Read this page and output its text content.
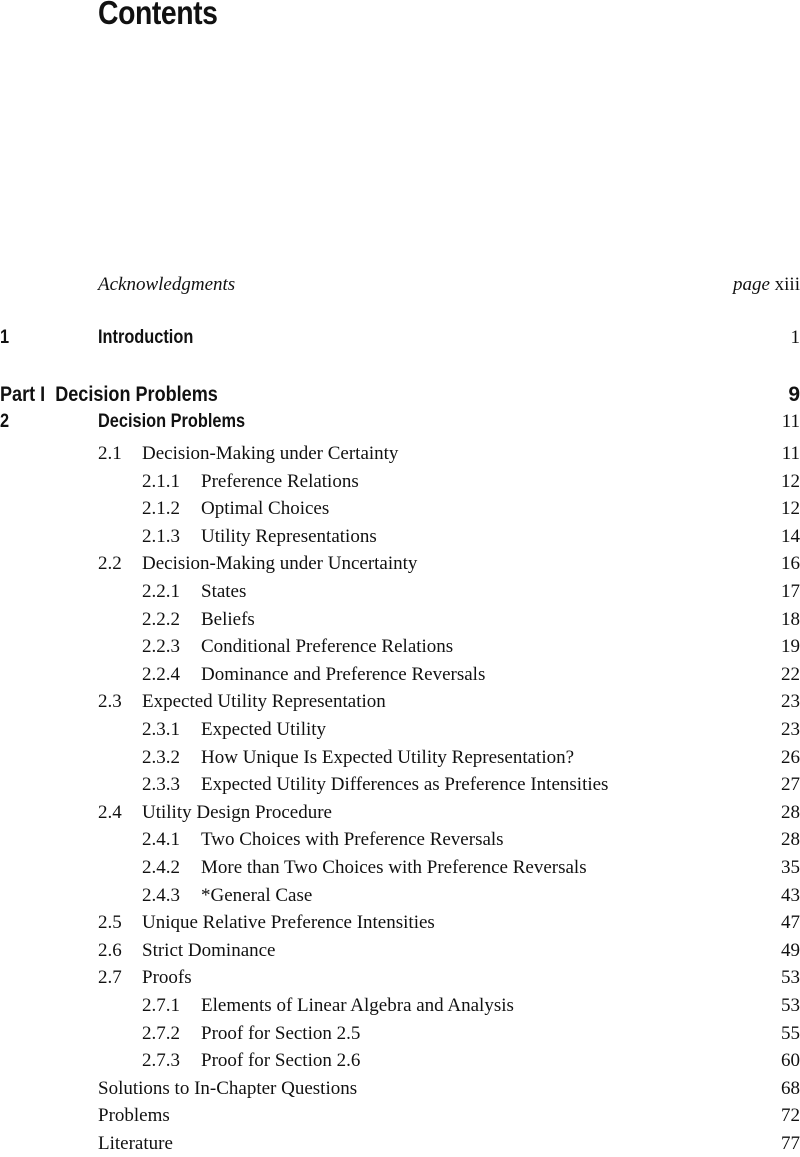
Contents
Acknowledgments	page xiii
1	Introduction	1
Part I Decision Problems	9
2	Decision Problems	11
2.1 Decision-Making under Certainty	11
2.1.1 Preference Relations	12
2.1.2 Optimal Choices	12
2.1.3 Utility Representations	14
2.2 Decision-Making under Uncertainty	16
2.2.1 States	17
2.2.2 Beliefs	18
2.2.3 Conditional Preference Relations	19
2.2.4 Dominance and Preference Reversals	22
2.3 Expected Utility Representation	23
2.3.1 Expected Utility	23
2.3.2 How Unique Is Expected Utility Representation?	26
2.3.3 Expected Utility Differences as Preference Intensities	27
2.4 Utility Design Procedure	28
2.4.1 Two Choices with Preference Reversals	28
2.4.2 More than Two Choices with Preference Reversals	35
2.4.3 *General Case	43
2.5 Unique Relative Preference Intensities	47
2.6 Strict Dominance	49
2.7 Proofs	53
2.7.1 Elements of Linear Algebra and Analysis	53
2.7.2 Proof for Section 2.5	55
2.7.3 Proof for Section 2.6	60
Solutions to In-Chapter Questions	68
Problems	72
Literature	77
